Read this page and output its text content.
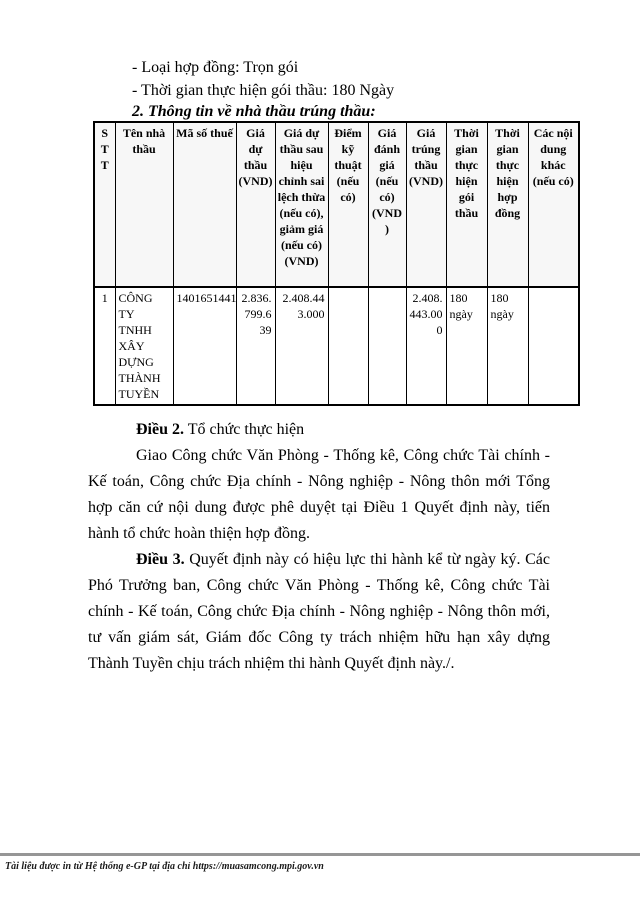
- Loại hợp đồng: Trọn gói

- Thời gian thực hiện gói thầu: 180 Ngày

2. Thông tin về nhà thầu trúng thầu:
STT	Tên nhà thầu	Mã số thuế	Giá dự thầu (VND)	Giá dự thầu sau hiệu chỉnh sai lệch thừa (nếu có), giảm giá (nếu có) (VND)	Điểm kỹ thuật (nếu có)	Giá đánh giá (nếu có) (VND)	Giá trúng thầu (VND)	Thời gian thực hiện gói thầu	Thời gian thực hiện hợp đồng	Các nội dung khác (nếu có)
1	CÔNG TY TNHH XÂY DỰNG THÀNH TUYỀN	1401651441	2.836.799.639	2.408.443.000			2.408.443.000	180 ngày	180 ngày	

Điều 2. Tổ chức thực hiện

Giao Công chức Văn Phòng - Thống kê, Công chức Tài chính - Kế toán, Công chức Địa chính - Nông nghiệp - Nông thôn mới Tổng hợp căn cứ nội dung được phê duyệt tại Điều 1 Quyết định này, tiến hành tổ chức hoàn thiện hợp đồng.

Điều 3. Quyết định này có hiệu lực thi hành kể từ ngày ký. Các Phó Trưởng ban, Công chức Văn Phòng - Thống kê, Công chức Tài chính - Kế toán, Công chức Địa chính - Nông nghiệp - Nông thôn mới, tư vấn giám sát, Giám đốc Công ty trách nhiệm hữu hạn xây dựng Thành Tuyền chịu trách nhiệm thi hành Quyết định này./.

Tài liệu được in từ Hệ thống e-GP tại địa chỉ https://muasamcong.mpi.gov.vn
